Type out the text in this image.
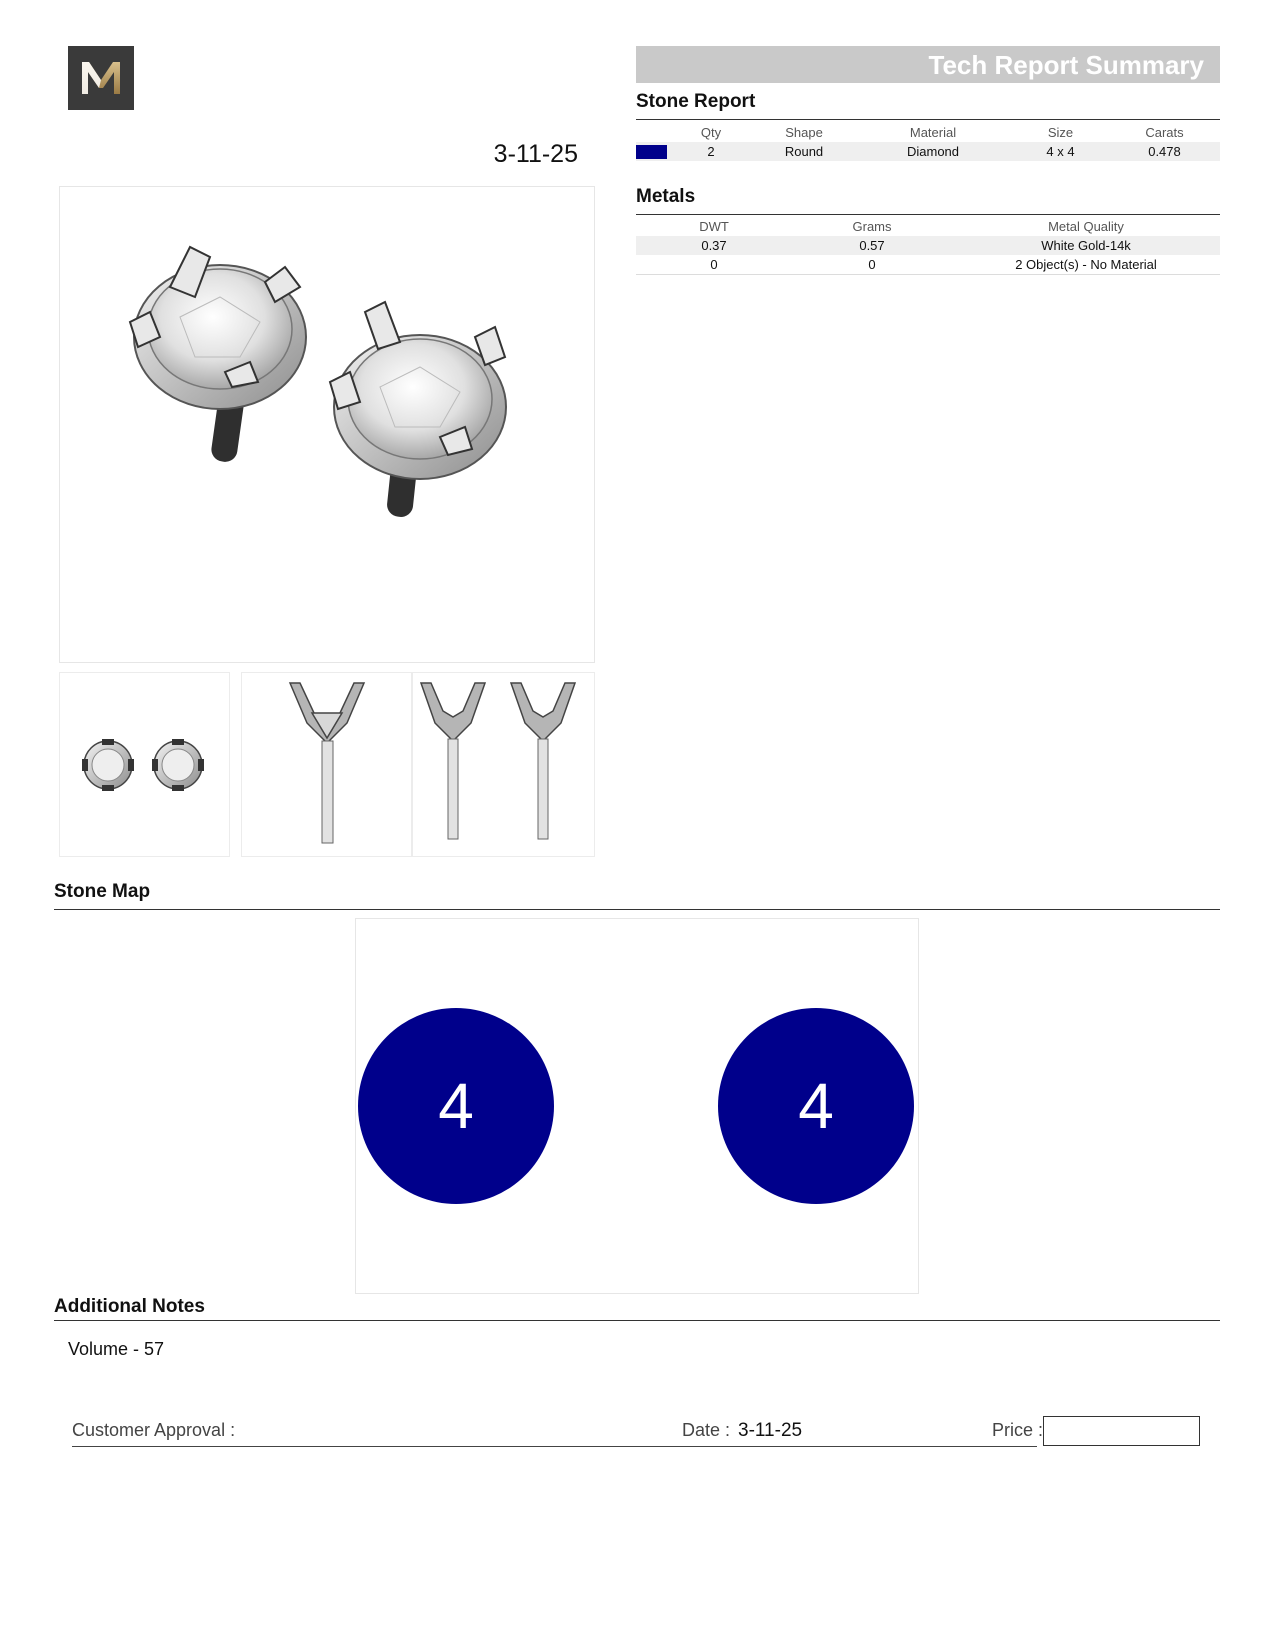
3-11-25
Tech Report Summary
Stone Report
	Qty	Shape	Material	Size	Carats
	2	Round	Diamond	4 x 4	0.478
Metals
DWT	Grams	Metal Quality
0.37	0.57	White Gold-14k
0	0	2 Object(s) - No Material
Stone Map
4	4
Additional Notes
Volume - 57
Customer Approval :	Date : 3-11-25	Price :
